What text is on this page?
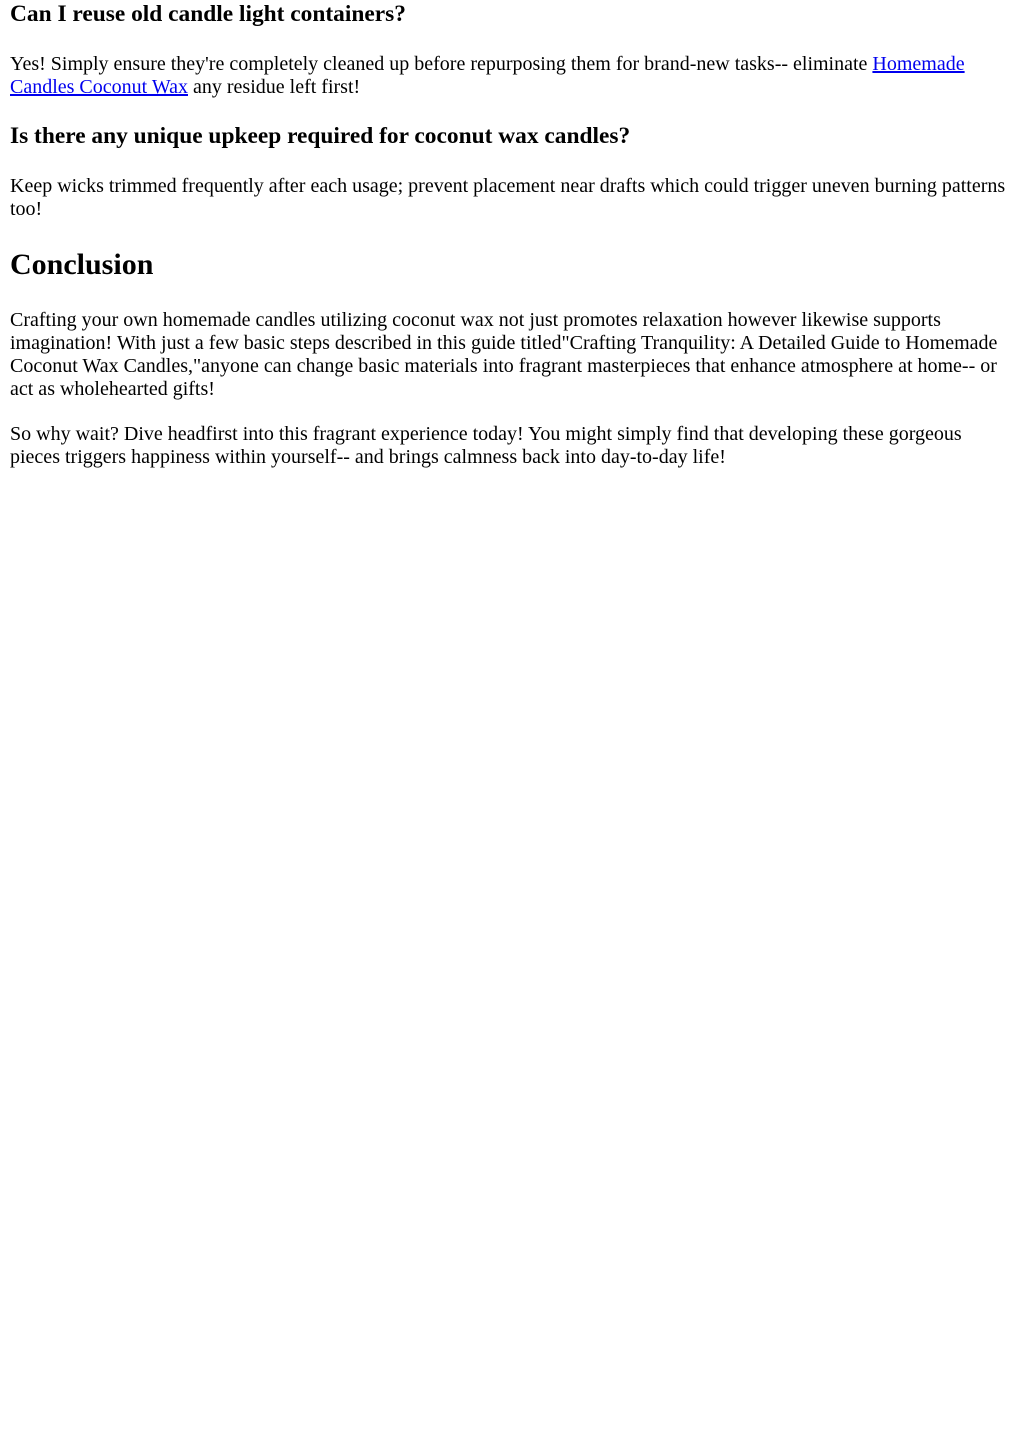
Can I reuse old candle light containers?

Yes! Simply ensure they're completely cleaned up before repurposing them for brand-new tasks-- eliminate Homemade Candles Coconut Wax any residue left first!

Is there any unique upkeep required for coconut wax candles?

Keep wicks trimmed frequently after each usage; prevent placement near drafts which could trigger uneven burning patterns too!

Conclusion

Crafting your own homemade candles utilizing coconut wax not just promotes relaxation however likewise supports imagination! With just a few basic steps described in this guide titled"Crafting Tranquility: A Detailed Guide to Homemade Coconut Wax Candles,"anyone can change basic materials into fragrant masterpieces that enhance atmosphere at home-- or act as wholehearted gifts!

So why wait? Dive headfirst into this fragrant experience today! You might simply find that developing these gorgeous pieces triggers happiness within yourself-- and brings calmness back into day-to-day life!
